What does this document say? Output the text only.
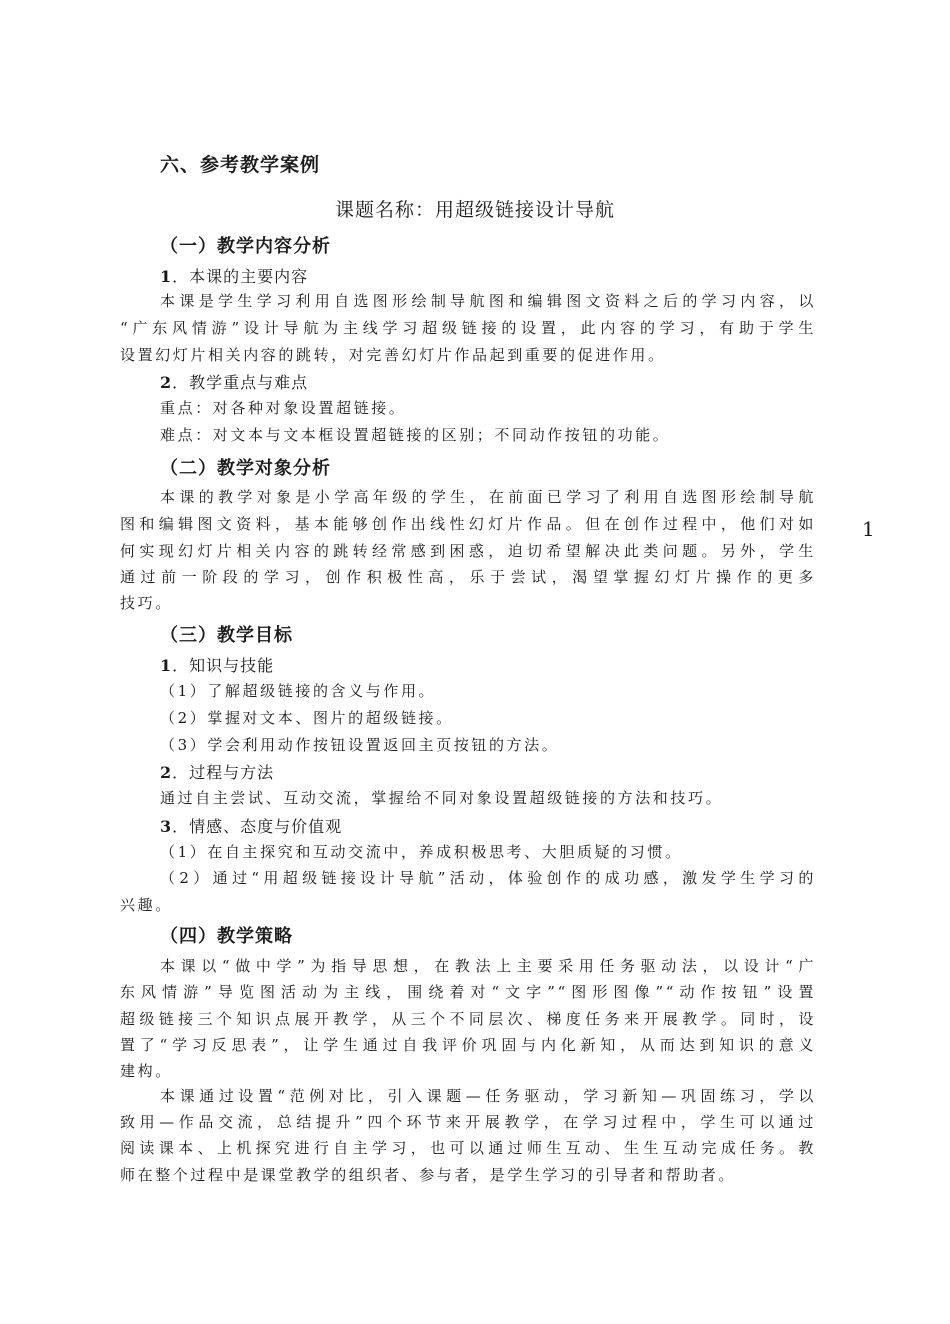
六、参考教学案例
课题名称：用超级链接设计导航
（一）教学内容分析
1．本课的主要内容
本课是学生学习利用自选图形绘制导航图和编辑图文资料之后的学习内容，以
“广东风情游”设计导航为主线学习超级链接的设置，此内容的学习，有助于学生
设置幻灯片相关内容的跳转，对完善幻灯片作品起到重要的促进作用。
2．教学重点与难点
重点：对各种对象设置超链接。
难点：对文本与文本框设置超链接的区别；不同动作按钮的功能。
（二）教学对象分析
本课的教学对象是小学高年级的学生，在前面已学习了利用自选图形绘制导航
图和编辑图文资料，基本能够创作出线性幻灯片作品。但在创作过程中，他们对如
何实现幻灯片相关内容的跳转经常感到困惑，迫切希望解决此类问题。另外，学生
通过前一阶段的学习，创作积极性高，乐于尝试，渴望掌握幻灯片操作的更多
技巧。
（三）教学目标
1．知识与技能
（1）了解超级链接的含义与作用。
（2）掌握对文本、图片的超级链接。
（3）学会利用动作按钮设置返回主页按钮的方法。
2．过程与方法
通过自主尝试、互动交流，掌握给不同对象设置超级链接的方法和技巧。
3．情感、态度与价值观
（1）在自主探究和互动交流中，养成积极思考、大胆质疑的习惯。
（2）通过“用超级链接设计导航”活动，体验创作的成功感，激发学生学习的
兴趣。
（四）教学策略
本课以“做中学”为指导思想，在教法上主要采用任务驱动法，以设计“广
东风情游”导览图活动为主线，围绕着对“文字”“图形图像”“动作按钮”设置
超级链接三个知识点展开教学，从三个不同层次、梯度任务来开展教学。同时，设
置了“学习反思表”，让学生通过自我评价巩固与内化新知，从而达到知识的意义
建构。
本课通过设置“范例对比，引入课题—任务驱动，学习新知—巩固练习，学以
致用—作品交流，总结提升”四个环节来开展教学，在学习过程中，学生可以通过
阅读课本、上机探究进行自主学习，也可以通过师生互动、生生互动完成任务。教
师在整个过程中是课堂教学的组织者、参与者，是学生学习的引导者和帮助者。
1
